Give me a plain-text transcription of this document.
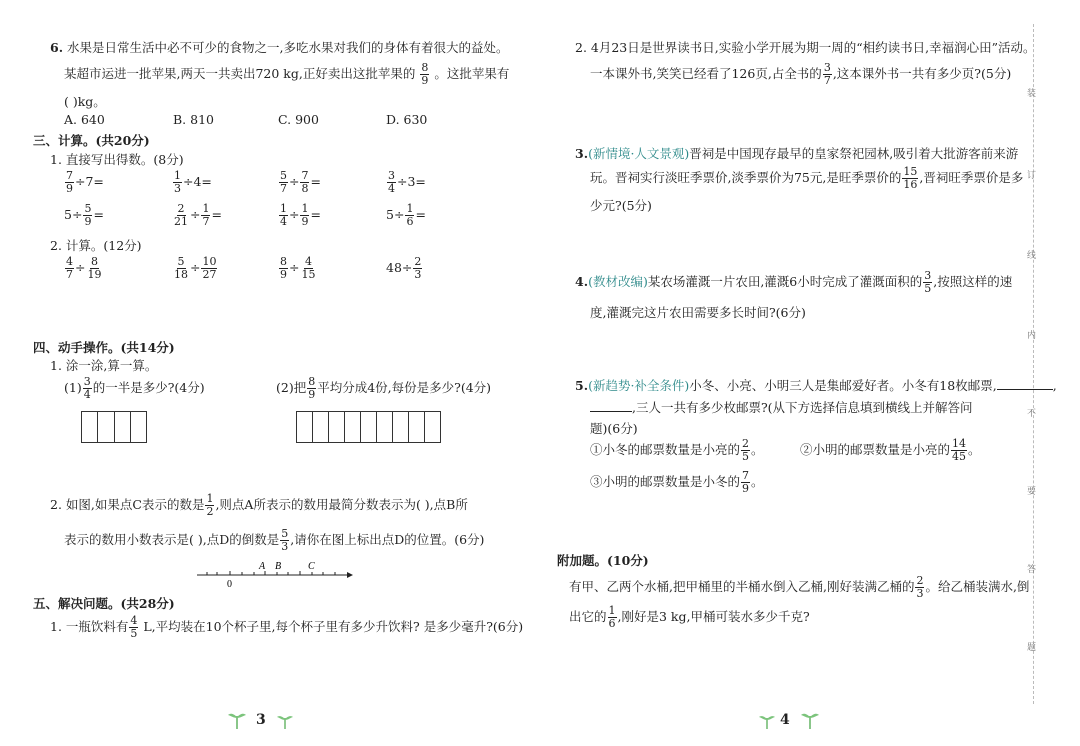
6. 水果是日常生活中必不可少的食物之一,多吃水果对我们的身体有着很大的益处。
某超市运进一批苹果,两天一共卖出720 kg,正好卖出这批苹果的 $\frac{8}{9}$ 。这批苹果有
( )kg。
A. 640	B. 810	C. 900	D. 630
三、计算。(共20分)
1. 直接写出得数。(8分)
$\frac{7}{9} \div 7=$	$\frac{1}{3} \div 4=$	$\frac{5}{7} \div \frac{7}{8}$ =	$\frac{3}{4} \div 3=$
$5\div \frac{5}{9}$ =	$\frac{2}{21} \div \frac{1}{7}$ =	$\frac{1}{4} \div \frac{1}{9}$ =	$5\div \frac{1}{6}$ =
2. 计算。(12分)
$\frac{4}{7} \div \frac{8}{19}$	$\frac{5}{18} \div \frac{10}{27}$	$\frac{8}{9} \div \frac{4}{15}$	$48\div \frac{2}{3}$
四、动手操作。(共14分)
1. 涂一涂,算一算。
$(1) \frac{3}{4}$ 的一半是多少?(4分)	(2)把 $\frac{8}{9}$ 平均分成4份,每份是多少?(4分)
2. 如图,如果点C表示的数是 $\frac{1}{2}$ ,则点A所表示的数用最简分数表示为( ),点B所
表示的数用小数表示是( ),点D的倒数是 $\frac{5}{3}$ ,请你在图上标出点D的位置。(6分)
0
A B	C
五、解决问题。(共28分)
1. 一瓶饮料有 $\frac{4}{5} L$,平均装在10个杯子里,每个杯子里有多少升饮料? 是多少毫升?(6分)
3
2. 4月23日是世界读书日,实验小学开展为期一周的“相约读书日,幸福润心田”活动。
一本课外书,笑笑已经看了126页,占全书的 $\frac{3}{7}$ ,这本课外书一共有多少页?(5分)
3.(新情境·人文景观)晋祠是中国现存最早的皇家祭祀园林,吸引着大批游客前来游
玩。晋祠实行淡旺季票价,淡季票价为75元,是旺季票价的 $\frac{15}{16}$ ,晋祠旺季票价是多
少元?(5分)
4.(教材改编)某农场灌溉一片农田,灌溉6小时完成了灌溉面积的 $\frac{3}{5}$ ,按照这样的速
度,灌溉完这片农田需要多长时间?(6分)
5.(新趋势·补全条件)小冬、小亮、小明三人是集邮爱好者。小冬有18枚邮票,	,
,三人一共有多少枚邮票?(从下方选择信息填到横线上并解答问
题)(6分)
①小冬的邮票数量是小亮的 $\frac{2}{5}$ 。	②小明的邮票数量是小亮的 $\frac{14}{45}$ 。
③小明的邮票数量是小冬的 $\frac{7}{9}$ 。
附加题。(10分)
有甲、乙两个水桶,把甲桶里的半桶水倒入乙桶,刚好装满乙桶的 $\frac{2}{3}$ 。给乙桶装满水,倒
出它的 $\frac{1}{6}$ ,刚好是3 kg,甲桶可装水多少千克?
4
装
订
线
内
不
要
答
题
